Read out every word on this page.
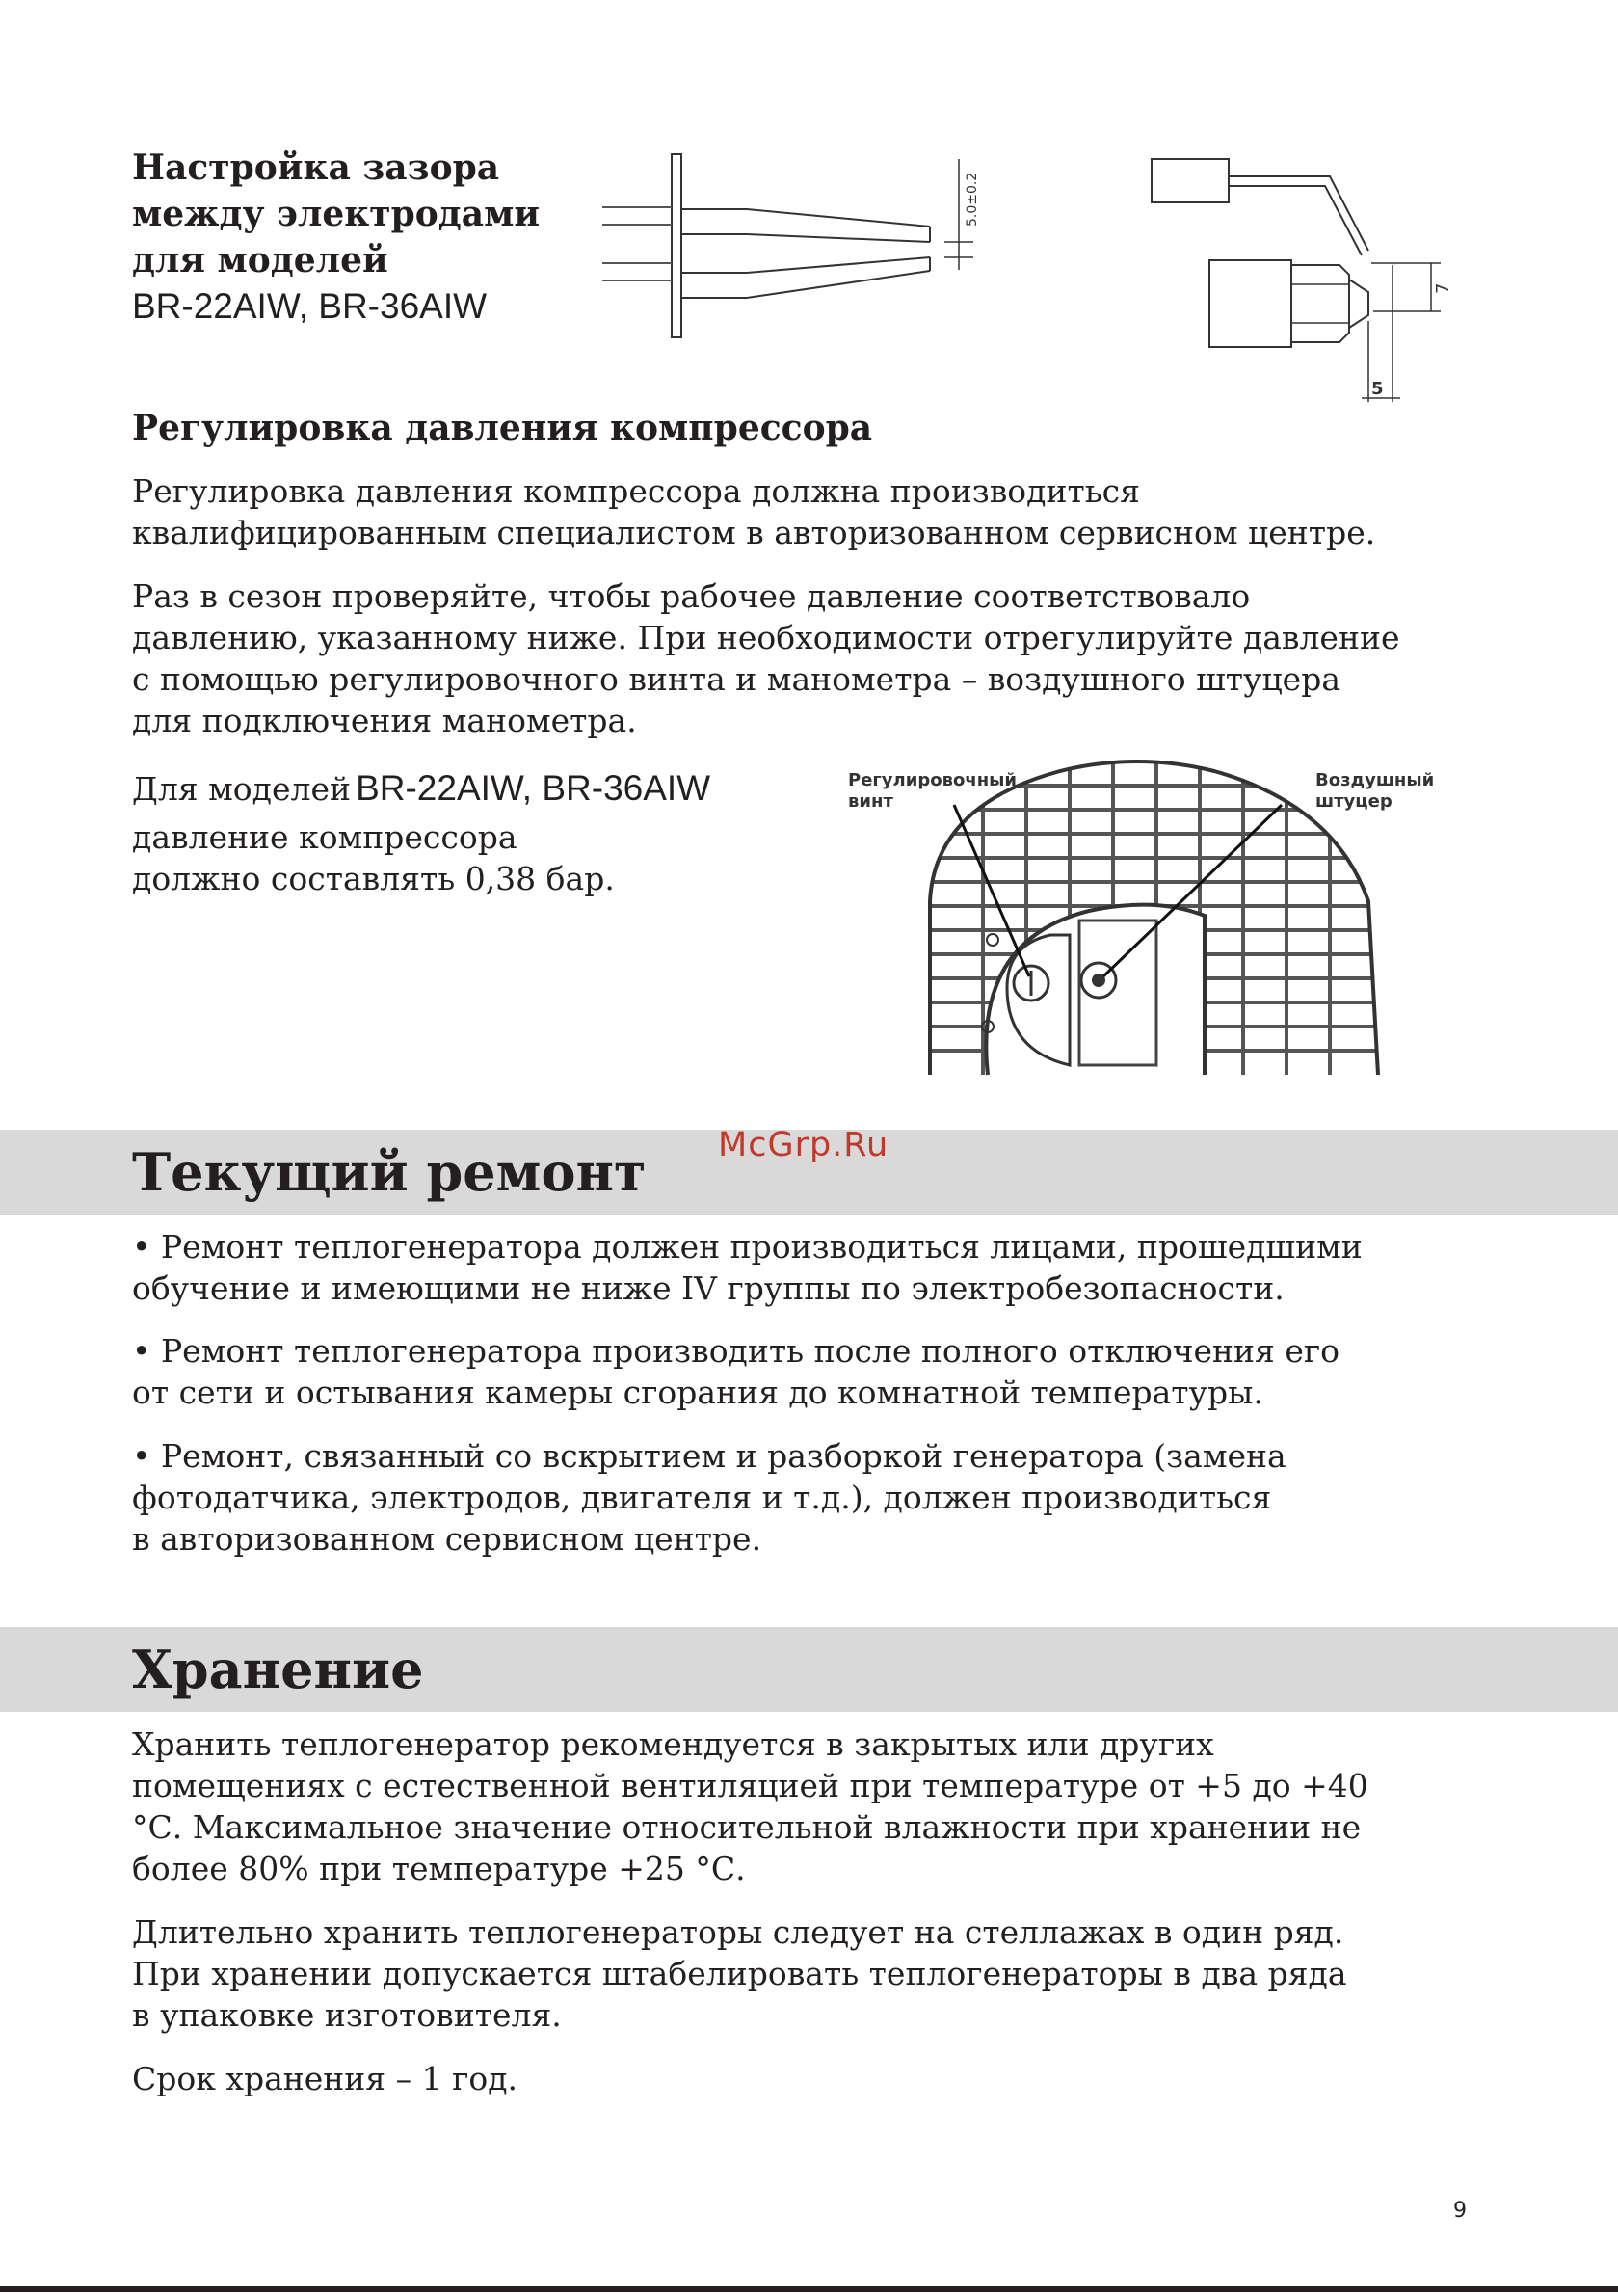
Настройка зазора

между электродами

для моделей

BR-22AIW, BR-36AIW
5.0±0.2
7
5

Регулировка давления компрессора

Регулировка давления компрессора должна производиться
квалифицированным специалистом в авторизованном сервисном центре.

Раз в сезон проверяйте, чтобы рабочее давление соответствовало
давлению, указанному ниже. При необходимости отрегулируйте давление
с помощью регулировочного винта и манометра – воздушного штуцера
для подключения манометра.

Для моделей BR-22AIW, BR-36AIW

давление компрессора

должно составлять 0,38 бар.

Регулировочный
винт
Воздушный
штуцер
Текущий ремонт McGrp.Ru

• Ремонт теплогенератора должен производиться лицами, прошедшими
обучение и имеющими не ниже IV группы по электробезопасности.

• Ремонт теплогенератора производить после полного отключения его
от сети и остывания камеры сгорания до комнатной температуры.

• Ремонт, связанный со вскрытием и разборкой генератора (замена
фотодатчика, электродов, двигателя и т.д.), должен производиться
в авторизованном сервисном центре.

Хранение

Хранить теплогенератор рекомендуется в закрытых или других
помещениях с естественной вентиляцией при температуре от +5 до +40
°С. Максимальное значение относительной влажности при хранении не
более 80% при температуре +25 °С.

Длительно хранить теплогенераторы следует на стеллажах в один ряд.
При хранении допускается штабелировать теплогенераторы в два ряда
в упаковке изготовителя.

Срок хранения – 1 год.

9
